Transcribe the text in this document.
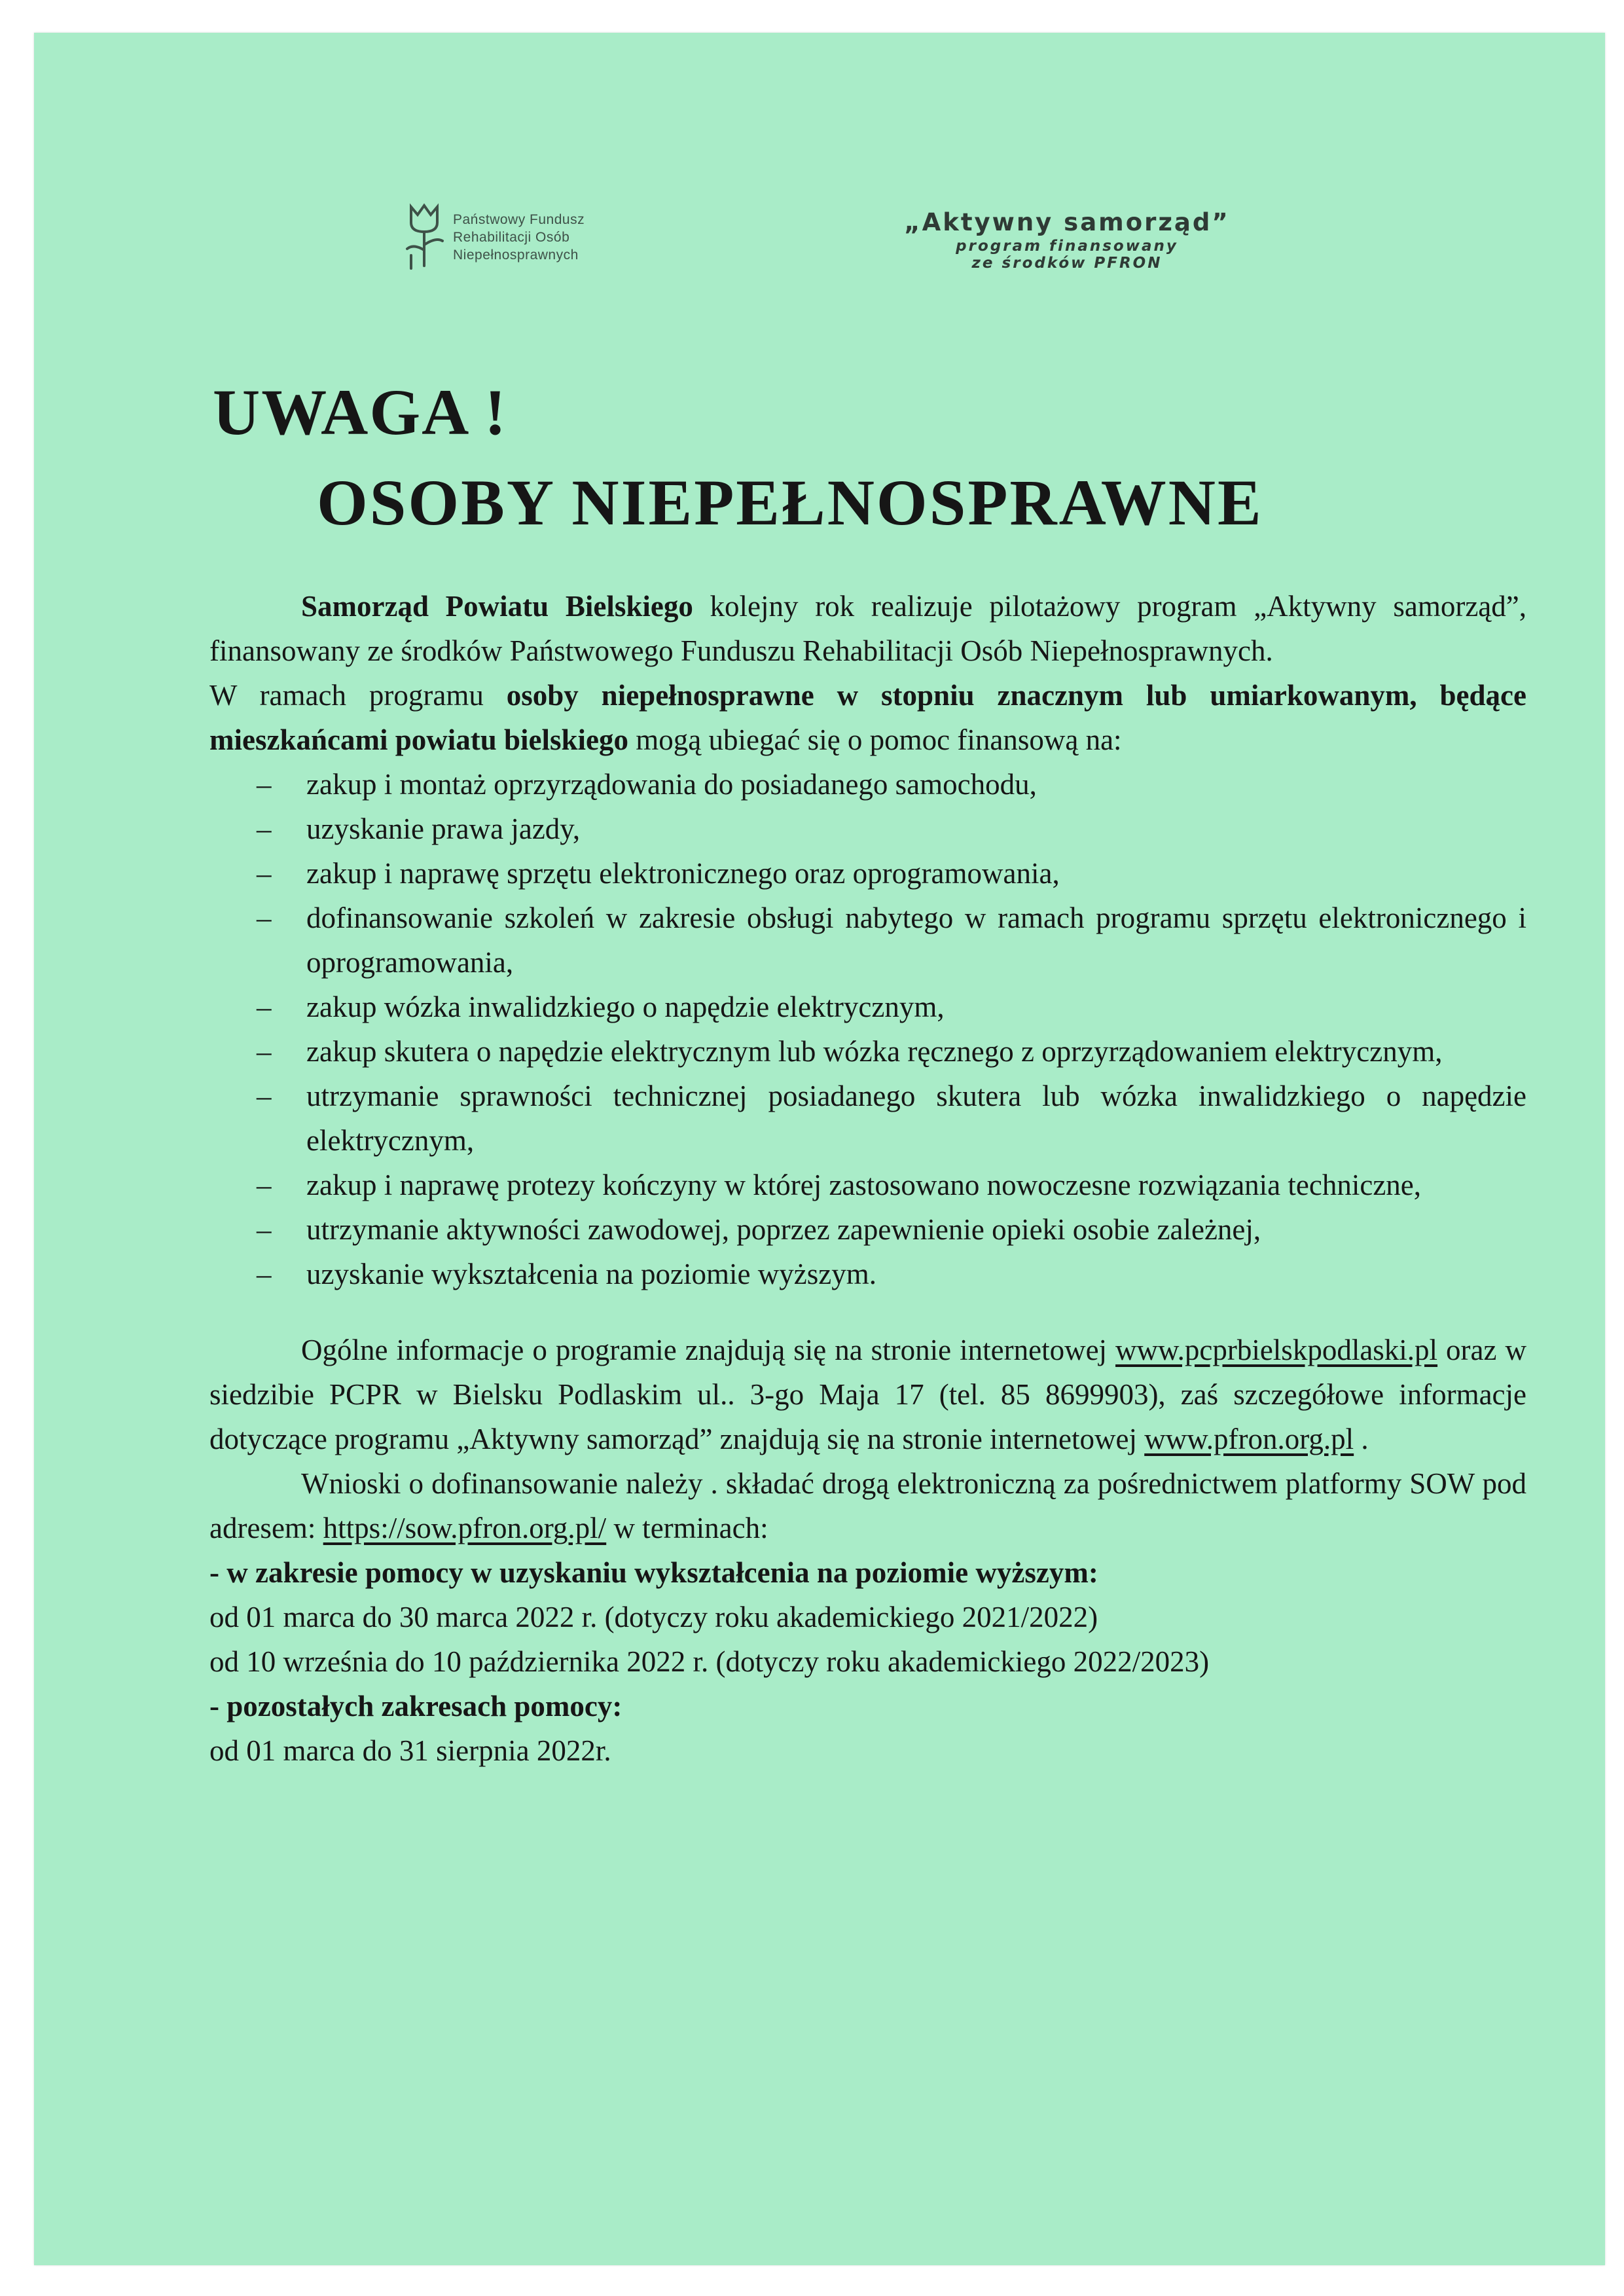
Państwowy Fundusz
Rehabilitacji Osób
Niepełnosprawnych
„Aktywny samorząd”
program finansowany
ze środków PFRON
UWAGA !
OSOBY NIEPEŁNOSPRAWNE

Samorząd Powiatu Bielskiego kolejny rok realizuje pilotażowy program „Aktywny samorząd”, finansowany ze środków Państwowego Funduszu Rehabilitacji Osób Niepełnosprawnych.

W ramach programu osoby niepełnosprawne w stopniu znacznym lub umiarkowanym, będące mieszkańcami powiatu bielskiego mogą ubiegać się o pomoc finansową na:

– zakup i montaż oprzyrządowania do posiadanego samochodu,
– uzyskanie prawa jazdy,
– zakup i naprawę sprzętu elektronicznego oraz oprogramowania,
– dofinansowanie szkoleń w zakresie obsługi nabytego w ramach programu sprzętu elektronicznego i oprogramowania,
– zakup wózka inwalidzkiego o napędzie elektrycznym,
– zakup skutera o napędzie elektrycznym lub wózka ręcznego z oprzyrządowaniem elektrycznym,
– utrzymanie sprawności technicznej posiadanego skutera lub wózka inwalidzkiego o napędzie elektrycznym,
– zakup i naprawę protezy kończyny w której zastosowano nowoczesne rozwiązania techniczne,
– utrzymanie aktywności zawodowej, poprzez zapewnienie opieki osobie zależnej,
– uzyskanie wykształcenia na poziomie wyższym.

Ogólne informacje o programie znajdują się na stronie internetowej www.pcprbielskpodlaski.pl oraz w siedzibie PCPR w Bielsku Podlaskim ul.. 3-go Maja 17 (tel. 85 8699903), zaś szczegółowe informacje dotyczące programu „Aktywny samorząd” znajdują się na stronie internetowej www.pfron.org.pl .

Wnioski o dofinansowanie należy . składać drogą elektroniczną za pośrednictwem platformy SOW pod adresem: https://sow.pfron.org.pl/ w terminach:

- w zakresie pomocy w uzyskaniu wykształcenia na poziomie wyższym:

od 01 marca do 30 marca 2022 r. (dotyczy roku akademickiego 2021/2022)

od 10 września do 10 października 2022 r. (dotyczy roku akademickiego 2022/2023)

- pozostałych zakresach pomocy:

od 01 marca do 31 sierpnia 2022r.
